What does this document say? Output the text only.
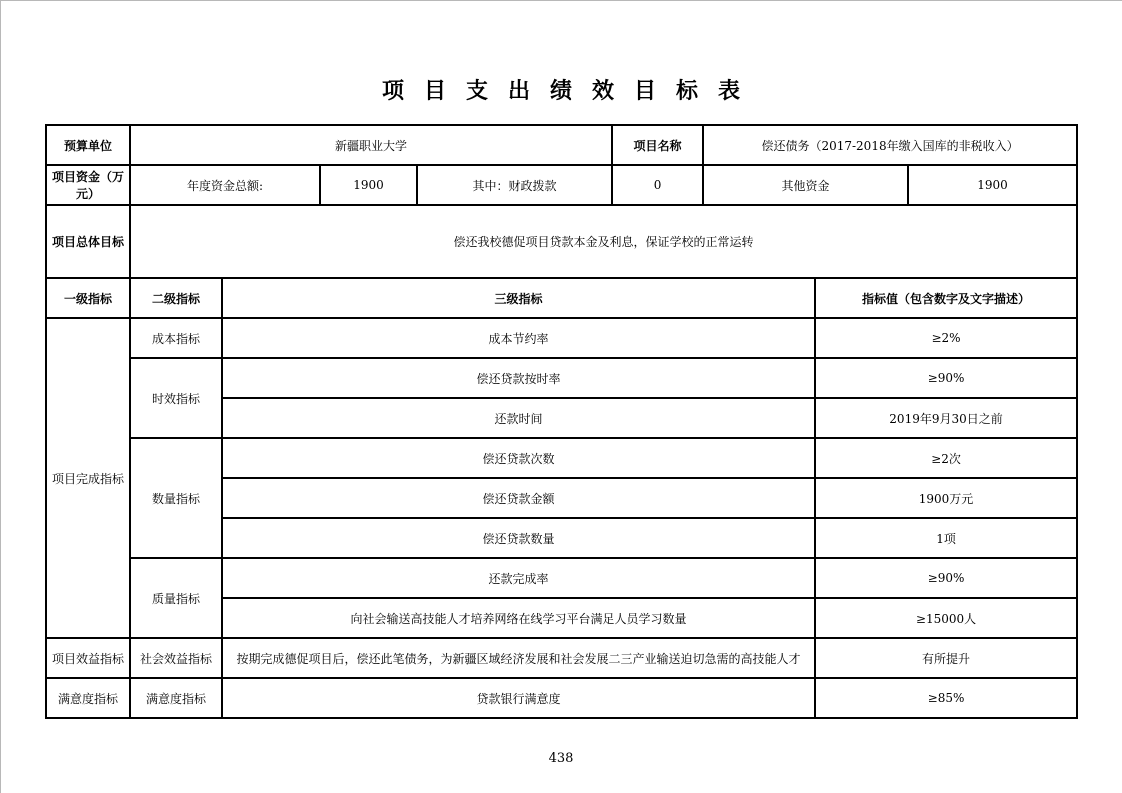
项目支出绩效目标表
预算单位	新疆职业大学				项目名称	偿还债务（2017-2018年缴入国库的非税收入）		
项目资金（万元）	年度资金总额:		1900	其中：财政拨款	0	其他资金		1900
项目总体目标	偿还我校德促项目贷款本金及利息，保证学校的正常运转							
一级指标	二级指标	三级指标					指标值（包含数字及文字描述）	
项目完成指标	成本指标	成本节约率					≥2%	
	时效指标	偿还贷款按时率					≥90%	
		还款时间					2019年9月30日之前	
	数量指标	偿还贷款次数					≥2次	
		偿还贷款金额					1900万元	
		偿还贷款数量					1项	
	质量指标	还款完成率					≥90%	
		向社会输送高技能人才培养网络在线学习平台满足人员学习数量					≥15000人	
项目效益指标	社会效益指标	按期完成德促项目后，偿还此笔债务，为新疆区域经济发展和社会发展二三产业输送迫切急需的高技能人才					有所提升	
满意度指标	满意度指标	贷款银行满意度					≥85%	
438
